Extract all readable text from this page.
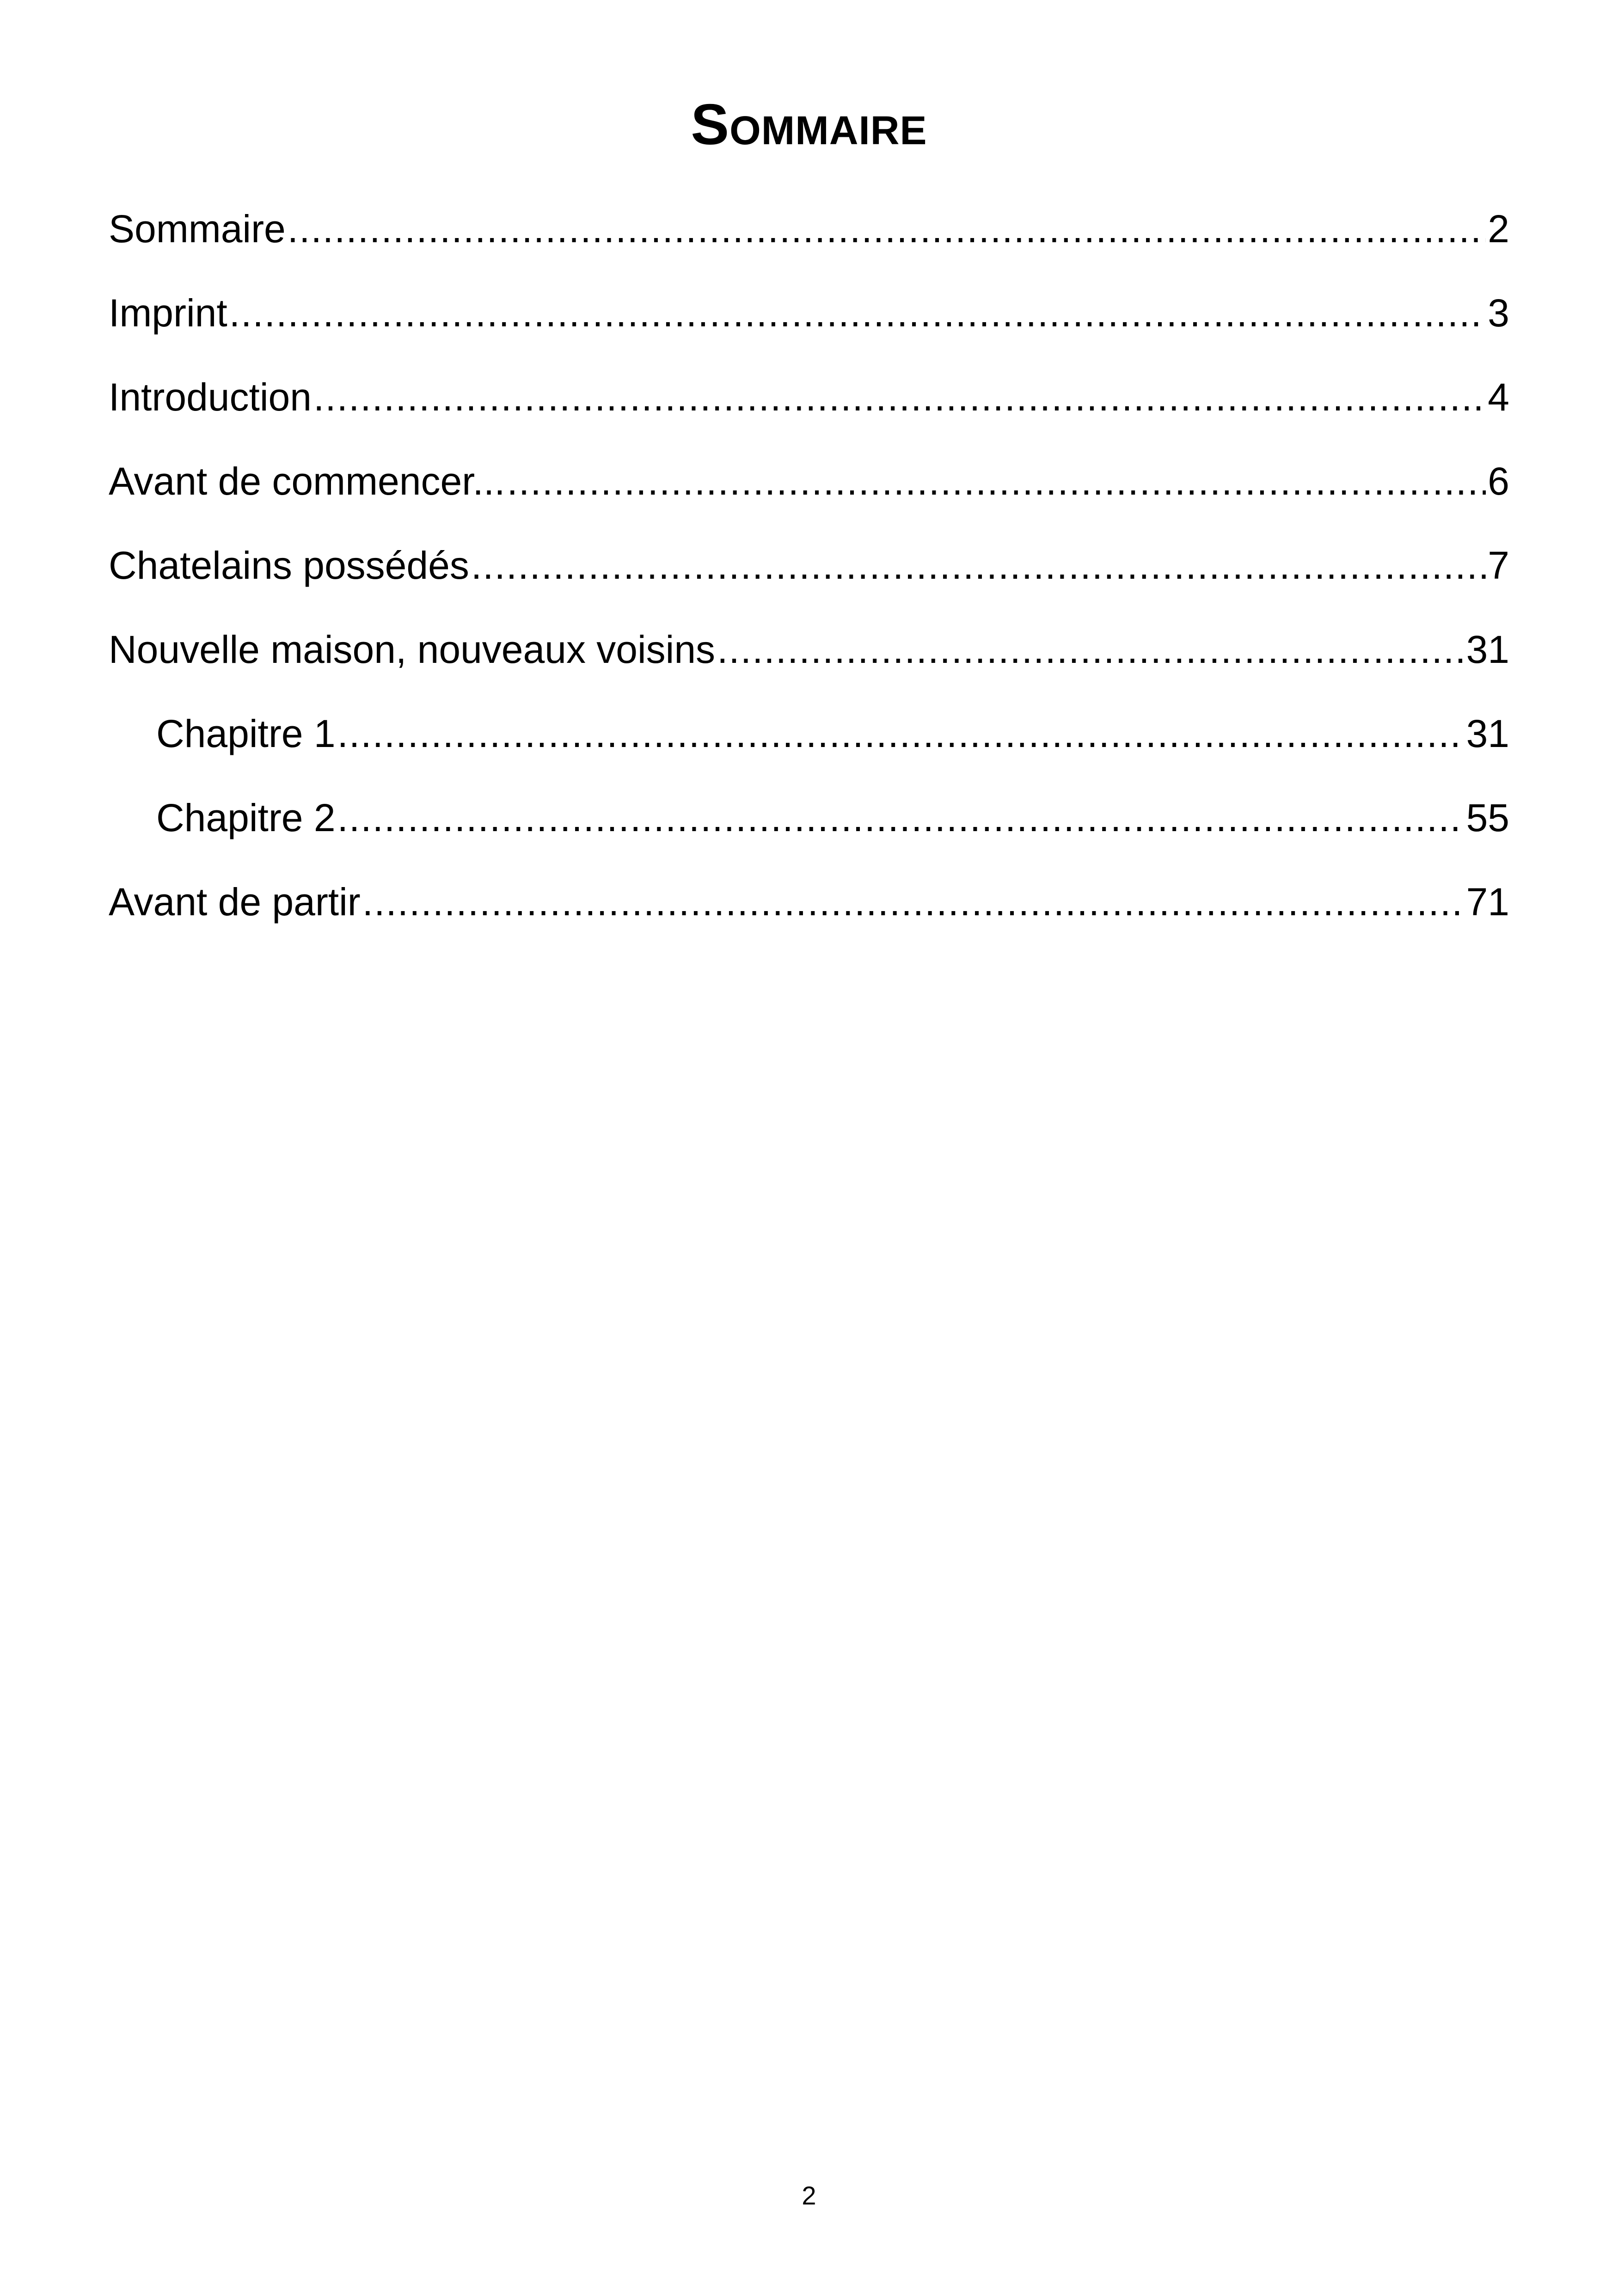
Sommaire
Sommaire .....	2
Imprint .....	3
Introduction .....	4
Avant de commencer... .....	6
Chatelains possédés .....	7
Nouvelle maison, nouveaux voisins .....	31
Chapitre 1 .....	31
Chapitre 2 .....	55
Avant de partir .....	71
2
